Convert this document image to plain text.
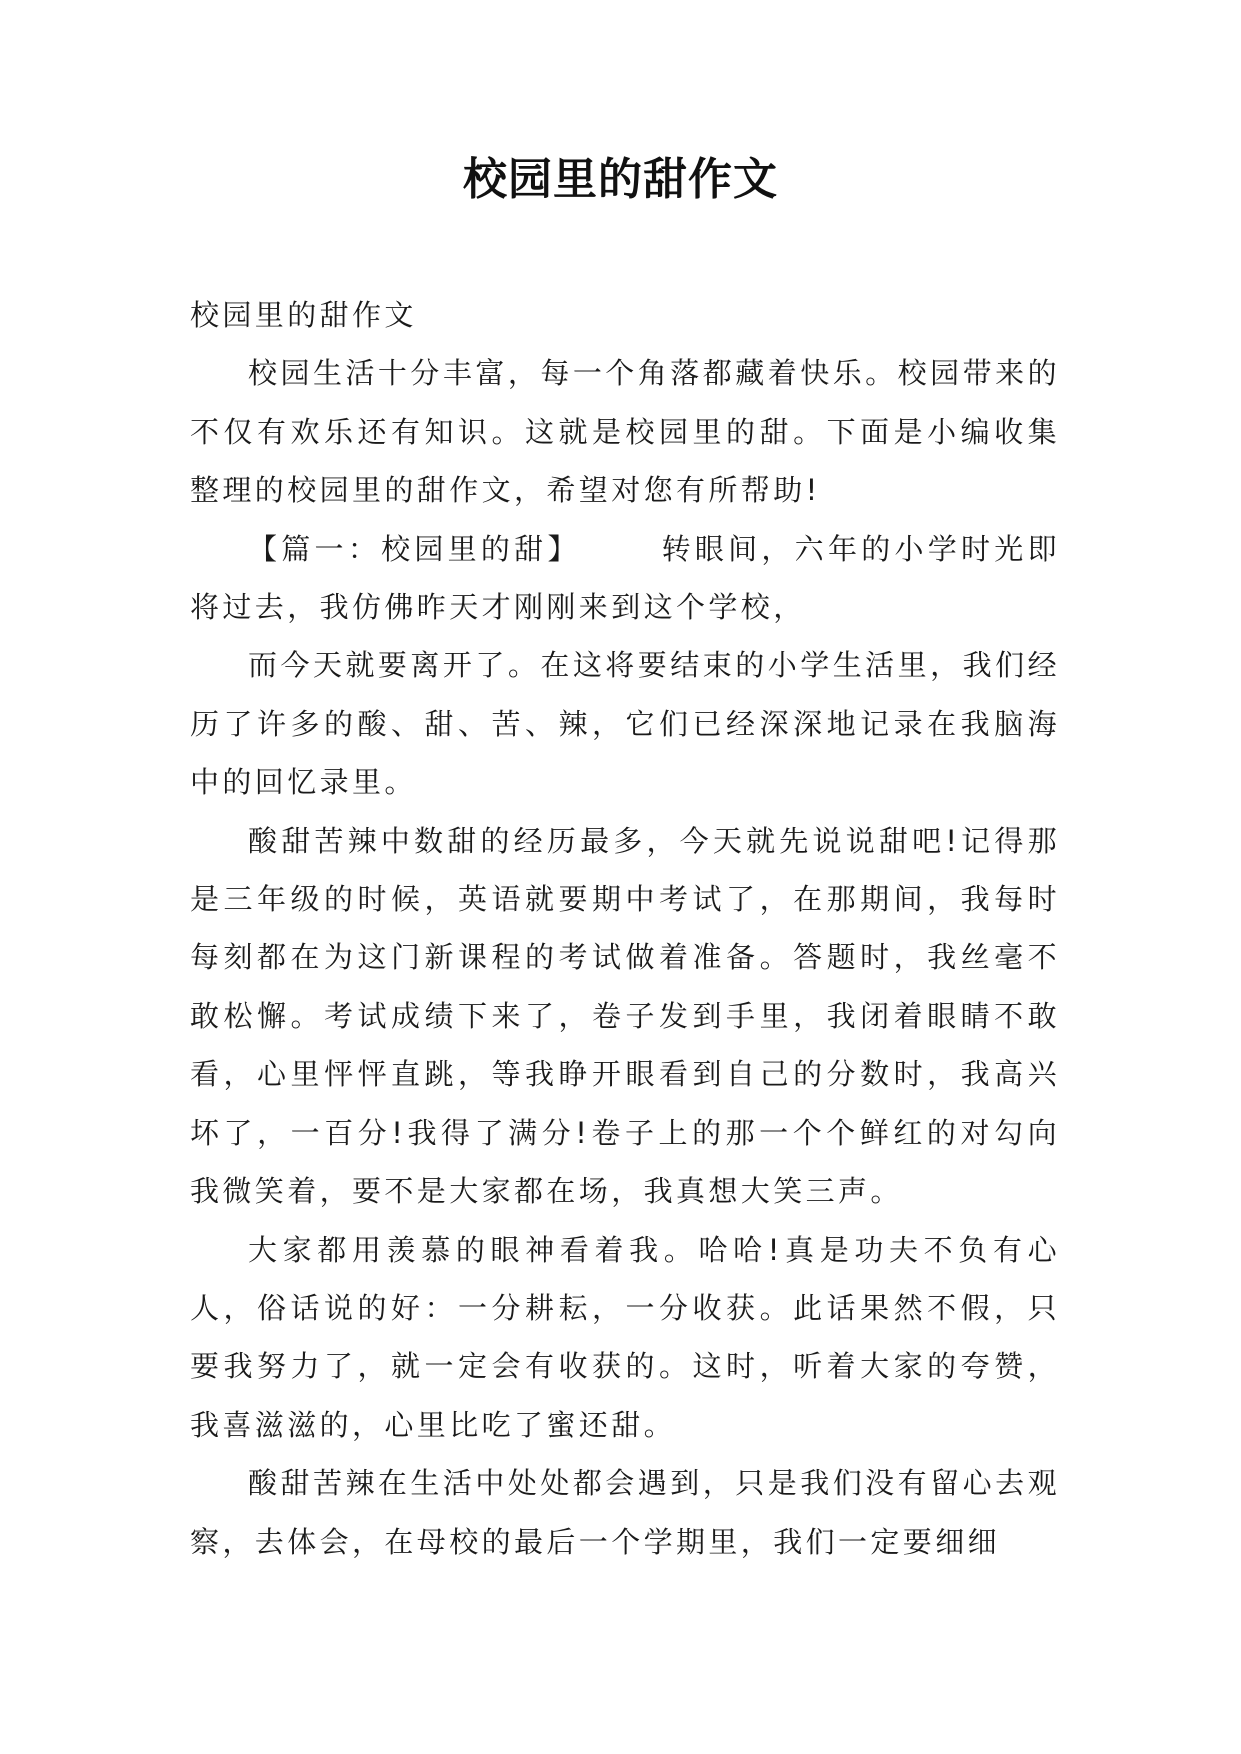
校园里的甜作文

校园里的甜作文

校园生活十分丰富，每一个角落都藏着快乐。校园带来的不仅有欢乐还有知识。这就是校园里的甜。下面是小编收集整理的校园里的甜作文，希望对您有所帮助!

【篇一：校园里的甜】	转眼间，六年的小学时光即将过去，我仿佛昨天才刚刚来到这个学校，

而今天就要离开了。在这将要结束的小学生活里，我们经历了许多的酸、甜、苦、辣，它们已经深深地记录在我脑海中的回忆录里。

酸甜苦辣中数甜的经历最多，今天就先说说甜吧!记得那是三年级的时候，英语就要期中考试了，在那期间，我每时每刻都在为这门新课程的考试做着准备。答题时，我丝毫不敢松懈。考试成绩下来了，卷子发到手里，我闭着眼睛不敢看，心里怦怦直跳，等我睁开眼看到自己的分数时，我高兴坏了，一百分!我得了满分!卷子上的那一个个鲜红的对勾向我微笑着，要不是大家都在场，我真想大笑三声。

大家都用羡慕的眼神看着我。哈哈!真是功夫不负有心人，俗话说的好：一分耕耘，一分收获。此话果然不假，只要我努力了，就一定会有收获的。这时，听着大家的夸赞，我喜滋滋的，心里比吃了蜜还甜。

酸甜苦辣在生活中处处都会遇到，只是我们没有留心去观察，去体会，在母校的最后一个学期里，我们一定要细细
